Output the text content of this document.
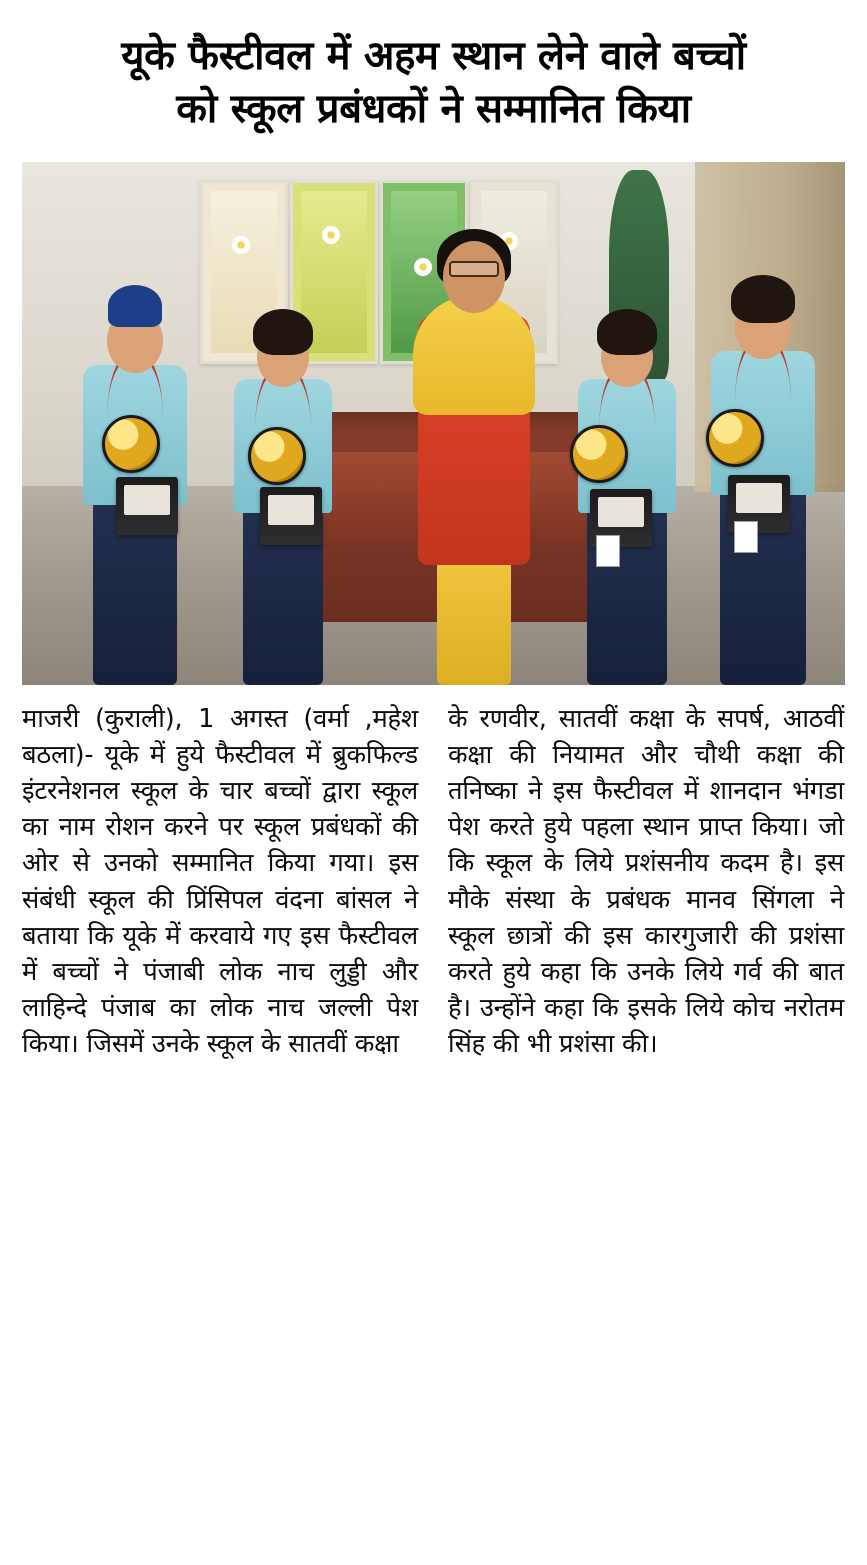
यूके फैस्टीवल में अहम स्थान लेने वाले बच्चों
को स्कूल प्रबंधकों ने सम्मानित किया

माजरी (कुराली), 1 अगस्त (वर्मा ,महेश बठला)- यूके में हुये फैस्टीवल में ब्रुकफिल्ड इंटरनेशनल स्कूल के चार बच्चों द्वारा स्कूल का नाम रोशन करने पर स्कूल प्रबंधकों की ओर से उनको सम्मानित किया गया। इस संबंधी स्कूल की प्रिंसिपल वंदना बांसल ने बताया कि यूके में करवाये गए इस फैस्टीवल में बच्चों ने पंजाबी लोक नाच लुड्डी और लाहिन्दे पंजाब का लोक नाच जल्ली पेश किया। जिसमें उनके स्कूल के सातवीं कक्षा

के रणवीर, सातवीं कक्षा के सपर्ष, आठवीं कक्षा की नियामत और चौथी कक्षा की तनिष्का ने इस फैस्टीवल में शानदान भंगडा पेश करते हुये पहला स्थान प्राप्त किया। जो कि स्कूल के लिये प्रशंसनीय कदम है। इस मौके संस्था के प्रबंधक मानव सिंगला ने स्कूल छात्रों की इस कारगुजारी की प्रशंसा करते हुये कहा कि उनके लिये गर्व की बात है। उन्होंने कहा कि इसके लिये कोच नरोतम सिंह की भी प्रशंसा की।
